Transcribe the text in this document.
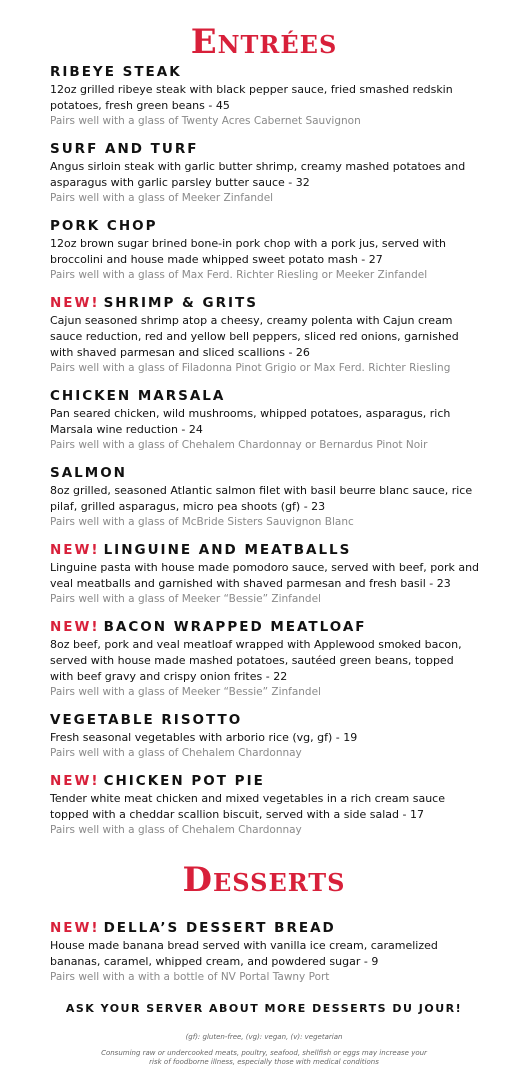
Entrées

RIBEYE STEAK

12oz grilled ribeye steak with black pepper sauce, fried smashed redskin potatoes, fresh green beans - 45

Pairs well with a glass of Twenty Acres Cabernet Sauvignon

SURF AND TURF

Angus sirloin steak with garlic butter shrimp, creamy mashed potatoes and asparagus with garlic parsley butter sauce - 32

Pairs well with a glass of Meeker Zinfandel

PORK CHOP

12oz brown sugar brined bone-in pork chop with a pork jus, served with broccolini and house made whipped sweet potato mash - 27

Pairs well with a glass of Max Ferd. Richter Riesling or Meeker Zinfandel

NEW! SHRIMP & GRITS

Cajun seasoned shrimp atop a cheesy, creamy polenta with Cajun cream sauce reduction, red and yellow bell peppers, sliced red onions, garnished with shaved parmesan and sliced scallions - 26

Pairs well with a glass of Filadonna Pinot Grigio or Max Ferd. Richter Riesling

CHICKEN MARSALA

Pan seared chicken, wild mushrooms, whipped potatoes, asparagus, rich Marsala wine reduction - 24

Pairs well with a glass of Chehalem Chardonnay or Bernardus Pinot Noir

SALMON

8oz grilled, seasoned Atlantic salmon filet with basil beurre blanc sauce, rice pilaf, grilled asparagus, micro pea shoots (gf) - 23

Pairs well with a glass of McBride Sisters Sauvignon Blanc

NEW! LINGUINE AND MEATBALLS

Linguine pasta with house made pomodoro sauce, served with beef, pork and veal meatballs and garnished with shaved parmesan and fresh basil - 23

Pairs well with a glass of Meeker “Bessie” Zinfandel

NEW! BACON WRAPPED MEATLOAF

8oz beef, pork and veal meatloaf wrapped with Applewood smoked bacon, served with house made mashed potatoes, sautéed green beans, topped with beef gravy and crispy onion frites - 22

Pairs well with a glass of Meeker “Bessie” Zinfandel

VEGETABLE RISOTTO

Fresh seasonal vegetables with arborio rice (vg, gf) - 19

Pairs well with a glass of Chehalem Chardonnay

NEW! CHICKEN POT PIE

Tender white meat chicken and mixed vegetables in a rich cream sauce topped with a cheddar scallion biscuit, served with a side salad - 17

Pairs well with a glass of Chehalem Chardonnay

Desserts

NEW! DELLA’S DESSERT BREAD

House made banana bread served with vanilla ice cream, caramelized bananas, caramel, whipped cream, and powdered sugar - 9

Pairs well with a with a bottle of NV Portal Tawny Port

ASK YOUR SERVER ABOUT MORE DESSERTS DU JOUR!

(gf): gluten-free, (vg): vegan, (v): vegetarian

Consuming raw or undercooked meats, poultry, seafood, shellfish or eggs may increase your risk of foodborne illness, especially those with medical conditions
